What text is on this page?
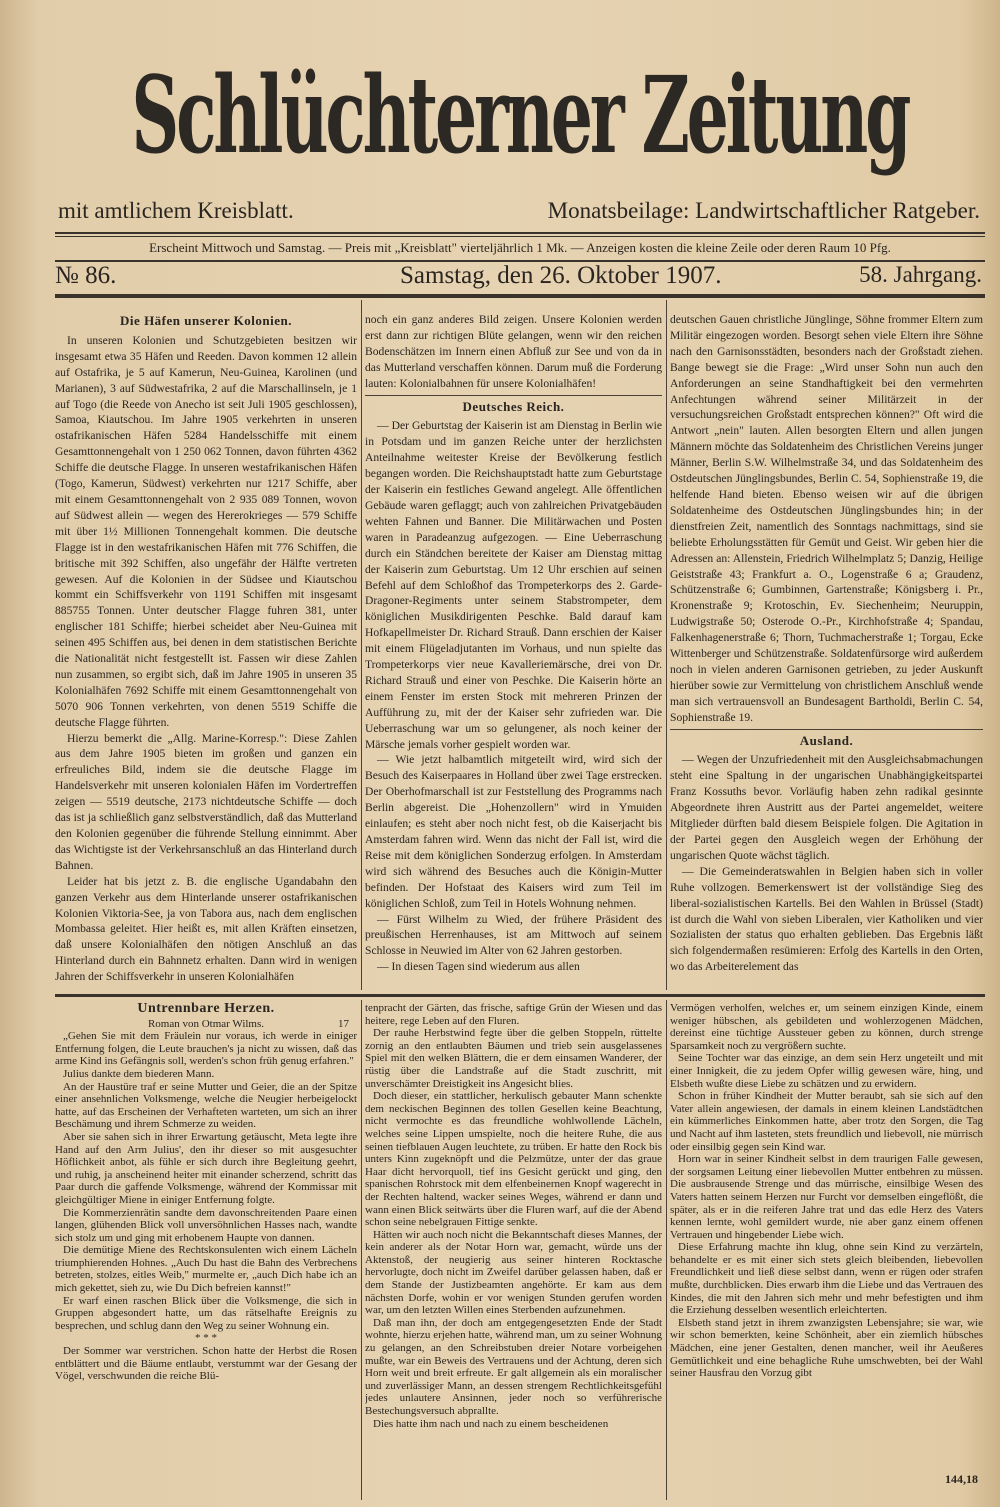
Schlüchterner Zeitung
mit amtlichem Kreisblatt.	Monatsbeilage: Landwirtschaftlicher Ratgeber.
Erscheint Mittwoch und Samstag. — Preis mit „Kreisblatt" vierteljährlich 1 Mk. — Anzeigen kosten die kleine Zeile oder deren Raum 10 Pfg.
№ 86.	Samstag, den 26. Oktober 1907.	58. Jahrgang.
Die Häfen unserer Kolonien.

In unseren Kolonien und Schutzgebieten besitzen wir insgesamt etwa 35 Häfen und Reeden. Davon kommen 12 allein auf Ostafrika, je 5 auf Kamerun, Neu-Guinea, Karolinen (und Marianen), 3 auf Südwestafrika, 2 auf die Marschallinseln, je 1 auf Togo (die Reede von Anecho ist seit Juli 1905 geschlossen), Samoa, Kiautschou. Im Jahre 1905 verkehrten in unseren ostafrikanischen Häfen 5284 Handelsschiffe mit einem Gesamttonnengehalt von 1 250 062 Tonnen, davon führten 4362 Schiffe die deutsche Flagge. In unseren westafrikanischen Häfen (Togo, Kamerun, Südwest) verkehrten nur 1217 Schiffe, aber mit einem Gesamttonnengehalt von 2 935 089 Tonnen, wovon auf Südwest allein — wegen des Hererokrieges — 579 Schiffe mit über 1½ Millionen Tonnengehalt kommen. Die deutsche Flagge ist in den westafrikanischen Häfen mit 776 Schiffen, die britische mit 392 Schiffen, also ungefähr der Hälfte vertreten gewesen. Auf die Kolonien in der Südsee und Kiautschou kommt ein Schiffsverkehr von 1191 Schiffen mit insgesamt 885755 Tonnen. Unter deutscher Flagge fuhren 381, unter englischer 181 Schiffe; hierbei scheidet aber Neu-Guinea mit seinen 495 Schiffen aus, bei denen in dem statistischen Berichte die Nationalität nicht festgestellt ist. Fassen wir diese Zahlen nun zusammen, so ergibt sich, daß im Jahre 1905 in unseren 35 Kolonialhäfen 7692 Schiffe mit einem Gesamttonnengehalt von 5070 906 Tonnen verkehrten, von denen 5519 Schiffe die deutsche Flagge führten.

Hierzu bemerkt die „Allg. Marine-Korresp.": Diese Zahlen aus dem Jahre 1905 bieten im großen und ganzen ein erfreuliches Bild, indem sie die deutsche Flagge im Handelsverkehr mit unseren kolonialen Häfen im Vordertreffen zeigen — 5519 deutsche, 2173 nichtdeutsche Schiffe — doch das ist ja schließlich ganz selbstverständlich, daß das Mutterland den Kolonien gegenüber die führende Stellung einnimmt. Aber das Wichtigste ist der Verkehrsanschluß an das Hinterland durch Bahnen.

Leider hat bis jetzt z. B. die englische Ugandabahn den ganzen Verkehr aus dem Hinterlande unserer ostafrikanischen Kolonien Viktoria-See, ja von Tabora aus, nach dem englischen Mombassa geleitet. Hier heißt es, mit allen Kräften einsetzen, daß unsere Kolonialhäfen den nötigen Anschluß an das Hinterland durch ein Bahnnetz erhalten. Dann wird in wenigen Jahren der Schiffsverkehr in unseren Kolonialhäfen

noch ein ganz anderes Bild zeigen. Unsere Kolonien werden erst dann zur richtigen Blüte gelangen, wenn wir den reichen Bodenschätzen im Innern einen Abfluß zur See und von da in das Mutterland verschaffen können. Darum muß die Forderung lauten: Kolonialbahnen für unsere Kolonialhäfen!

Deutsches Reich.

— Der Geburtstag der Kaiserin ist am Dienstag in Berlin wie in Potsdam und im ganzen Reiche unter der herzlichsten Anteilnahme weitester Kreise der Bevölkerung festlich begangen worden. Die Reichshauptstadt hatte zum Geburtstage der Kaiserin ein festliches Gewand angelegt. Alle öffentlichen Gebäude waren geflaggt; auch von zahlreichen Privatgebäuden wehten Fahnen und Banner. Die Militärwachen und Posten waren in Paradeanzug aufgezogen. — Eine Ueberraschung durch ein Ständchen bereitete der Kaiser am Dienstag mittag der Kaiserin zum Geburtstag. Um 12 Uhr erschien auf seinen Befehl auf dem Schloßhof das Trompeterkorps des 2. Garde-Dragoner-Regiments unter seinem Stabstrompeter, dem königlichen Musikdirigenten Peschke. Bald darauf kam Hofkapellmeister Dr. Richard Strauß. Dann erschien der Kaiser mit einem Flügeladjutanten im Vorhaus, und nun spielte das Trompeterkorps vier neue Kavalleriemärsche, drei von Dr. Richard Strauß und einer von Peschke. Die Kaiserin hörte an einem Fenster im ersten Stock mit mehreren Prinzen der Aufführung zu, mit der der Kaiser sehr zufrieden war. Die Ueberraschung war um so gelungener, als noch keiner der Märsche jemals vorher gespielt worden war.

— Wie jetzt halbamtlich mitgeteilt wird, wird sich der Besuch des Kaiserpaares in Holland über zwei Tage erstrecken. Der Oberhofmarschall ist zur Feststellung des Programms nach Berlin abgereist. Die „Hohenzollern" wird in Ymuiden einlaufen; es steht aber noch nicht fest, ob die Kaiserjacht bis Amsterdam fahren wird. Wenn das nicht der Fall ist, wird die Reise mit dem königlichen Sonderzug erfolgen. In Amsterdam wird sich während des Besuches auch die Königin-Mutter befinden. Der Hofstaat des Kaisers wird zum Teil im königlichen Schloß, zum Teil in Hotels Wohnung nehmen.

— Fürst Wilhelm zu Wied, der frühere Präsident des preußischen Herrenhauses, ist am Mittwoch auf seinem Schlosse in Neuwied im Alter von 62 Jahren gestorben.

— In diesen Tagen sind wiederum aus allen

deutschen Gauen christliche Jünglinge, Söhne frommer Eltern zum Militär eingezogen worden. Besorgt sehen viele Eltern ihre Söhne nach den Garnisonsstädten, besonders nach der Großstadt ziehen. Bange bewegt sie die Frage: „Wird unser Sohn nun auch den Anforderungen an seine Standhaftigkeit bei den vermehrten Anfechtungen während seiner Militärzeit in der versuchungsreichen Großstadt entsprechen können?" Oft wird die Antwort „nein" lauten. Allen besorgten Eltern und allen jungen Männern möchte das Soldatenheim des Christlichen Vereins junger Männer, Berlin S.W. Wilhelmstraße 34, und das Soldatenheim des Ostdeutschen Jünglingsbundes, Berlin C. 54, Sophienstraße 19, die helfende Hand bieten. Ebenso weisen wir auf die übrigen Soldatenheime des Ostdeutschen Jünglingsbundes hin; in der dienstfreien Zeit, namentlich des Sonntags nachmittags, sind sie beliebte Erholungsstätten für Gemüt und Geist. Wir geben hier die Adressen an: Allenstein, Friedrich Wilhelmplatz 5; Danzig, Heilige Geiststraße 43; Frankfurt a. O., Logenstraße 6 a; Graudenz, Schützenstraße 6; Gumbinnen, Gartenstraße; Königsberg i. Pr., Kronenstraße 9; Krotoschin, Ev. Siechenheim; Neuruppin, Ludwigstraße 50; Osterode O.-Pr., Kirchhofstraße 4; Spandau, Falkenhagenerstraße 6; Thorn, Tuchmacherstraße 1; Torgau, Ecke Wittenberger und Schützenstraße. Soldatenfürsorge wird außerdem noch in vielen anderen Garnisonen getrieben, zu jeder Auskunft hierüber sowie zur Vermittelung von christlichem Anschluß wende man sich vertrauensvoll an Bundesagent Bartholdi, Berlin C. 54, Sophienstraße 19.

Ausland.

— Wegen der Unzufriedenheit mit den Ausgleichsabmachungen steht eine Spaltung in der ungarischen Unabhängigkeitspartei Franz Kossuths bevor. Vorläufig haben zehn radikal gesinnte Abgeordnete ihren Austritt aus der Partei angemeldet, weitere Mitglieder dürften bald diesem Beispiele folgen. Die Agitation in der Partei gegen den Ausgleich wegen der Erhöhung der ungarischen Quote wächst täglich.

— Die Gemeinderatswahlen in Belgien haben sich in voller Ruhe vollzogen. Bemerkenswert ist der vollständige Sieg des liberal-sozialistischen Kartells. Bei den Wahlen in Brüssel (Stadt) ist durch die Wahl von sieben Liberalen, vier Katholiken und vier Sozialisten der status quo erhalten geblieben. Das Ergebnis läßt sich folgendermaßen resümieren: Erfolg des Kartells in den Orten, wo das Arbeiterelement das

Untrennbare Herzen.
Roman von Otmar Wilms.	17

„Gehen Sie mit dem Fräulein nur voraus, ich werde in einiger Entfernung folgen, die Leute brauchen's ja nicht zu wissen, daß das arme Kind ins Gefängnis soll, werden's schon früh genug erfahren."

Julius dankte dem biederen Mann.

An der Haustüre traf er seine Mutter und Geier, die an der Spitze einer ansehnlichen Volksmenge, welche die Neugier herbeigelockt hatte, auf das Erscheinen der Verhafteten warteten, um sich an ihrer Beschämung und ihrem Schmerze zu weiden.

Aber sie sahen sich in ihrer Erwartung getäuscht, Meta legte ihre Hand auf den Arm Julius', den ihr dieser so mit ausgesuchter Höflichkeit anbot, als fühle er sich durch ihre Begleitung geehrt, und ruhig, ja anscheinend heiter mit einander scherzend, schritt das Paar durch die gaffende Volksmenge, während der Kommissar mit gleichgültiger Miene in einiger Entfernung folgte.

Die Kommerzienrätin sandte dem davonschreitenden Paare einen langen, glühenden Blick voll unversöhnlichen Hasses nach, wandte sich stolz um und ging mit erhobenem Haupte von dannen.

Die demütige Miene des Rechtskonsulenten wich einem Lächeln triumphierenden Hohnes. „Auch Du hast die Bahn des Verbrechens betreten, stolzes, eitles Weib," murmelte er, „auch Dich habe ich an mich gekettet, sieh zu, wie Du Dich befreien kannst!"

Er warf einen raschen Blick über die Volksmenge, die sich in Gruppen abgesondert hatte, um das rätselhafte Ereignis zu besprechen, und schlug dann den Weg zu seiner Wohnung ein.

* * *

Der Sommer war verstrichen. Schon hatte der Herbst die Rosen entblättert und die Bäume entlaubt, verstummt war der Gesang der Vögel, verschwunden die reiche Blü-

tenpracht der Gärten, das frische, saftige Grün der Wiesen und das heitere, rege Leben auf den Fluren.

Der rauhe Herbstwind fegte über die gelben Stoppeln, rüttelte zornig an den entlaubten Bäumen und trieb sein ausgelassenes Spiel mit den welken Blättern, die er dem einsamen Wanderer, der rüstig über die Landstraße auf die Stadt zuschritt, mit unverschämter Dreistigkeit ins Angesicht blies.

Doch dieser, ein stattlicher, herkulisch gebauter Mann schenkte dem neckischen Beginnen des tollen Gesellen keine Beachtung, nicht vermochte es das freundliche wohlwollende Lächeln, welches seine Lippen umspielte, noch die heitere Ruhe, die aus seinen tiefblauen Augen leuchtete, zu trüben. Er hatte den Rock bis unters Kinn zugeknöpft und die Pelzmütze, unter der das graue Haar dicht hervorquoll, tief ins Gesicht gerückt und ging, den spanischen Rohrstock mit dem elfenbeinernen Knopf wagerecht in der Rechten haltend, wacker seines Weges, während er dann und wann einen Blick seitwärts über die Fluren warf, auf die der Abend schon seine nebelgrauen Fittige senkte.

Hätten wir auch noch nicht die Bekanntschaft dieses Mannes, der kein anderer als der Notar Horn war, gemacht, würde uns der Aktenstoß, der neugierig aus seiner hinteren Rocktasche hervorlugte, doch nicht im Zweifel darüber gelassen haben, daß er dem Stande der Justizbeamten angehörte. Er kam aus dem nächsten Dorfe, wohin er vor wenigen Stunden gerufen worden war, um den letzten Willen eines Sterbenden aufzunehmen.

Daß man ihn, der doch am entgegengesetzten Ende der Stadt wohnte, hierzu erjehen hatte, während man, um zu seiner Wohnung zu gelangen, an den Schreibstuben dreier Notare vorbeigehen mußte, war ein Beweis des Vertrauens und der Achtung, deren sich Horn weit und breit erfreute. Er galt allgemein als ein moralischer und zuverlässiger Mann, an dessen strengem Rechtlichkeitsgefühl jedes unlautere Ansinnen, jeder noch so verführerische Bestechungsversuch abprallte.

Dies hatte ihm nach und nach zu einem bescheidenen

Vermögen verholfen, welches er, um seinem einzigen Kinde, einem weniger hübschen, als gebildeten und wohlerzogenen Mädchen, dereinst eine tüchtige Aussteuer geben zu können, durch strenge Sparsamkeit noch zu vergrößern suchte.

Seine Tochter war das einzige, an dem sein Herz ungeteilt und mit einer Innigkeit, die zu jedem Opfer willig gewesen wäre, hing, und Elsbeth wußte diese Liebe zu schätzen und zu erwidern.

Schon in früher Kindheit der Mutter beraubt, sah sie sich auf den Vater allein angewiesen, der damals in einem kleinen Landstädtchen ein kümmerliches Einkommen hatte, aber trotz den Sorgen, die Tag und Nacht auf ihm lasteten, stets freundlich und liebevoll, nie mürrisch oder einsilbig gegen sein Kind war.

Horn war in seiner Kindheit selbst in dem traurigen Falle gewesen, der sorgsamen Leitung einer liebevollen Mutter entbehren zu müssen. Die ausbrausende Strenge und das mürrische, einsilbige Wesen des Vaters hatten seinem Herzen nur Furcht vor demselben eingeflößt, die später, als er in die reiferen Jahre trat und das edle Herz des Vaters kennen lernte, wohl gemildert wurde, nie aber ganz einem offenen Vertrauen und hingebender Liebe wich.

Diese Erfahrung machte ihn klug, ohne sein Kind zu verzärteln, behandelte er es mit einer sich stets gleich bleibenden, liebevollen Freundlichkeit und ließ diese selbst dann, wenn er rügen oder strafen mußte, durchblicken. Dies erwarb ihm die Liebe und das Vertrauen des Kindes, die mit den Jahren sich mehr und mehr befestigten und ihm die Erziehung desselben wesentlich erleichterten.

Elsbeth stand jetzt in ihrem zwanzigsten Lebensjahre; sie war, wie wir schon bemerkten, keine Schönheit, aber ein ziemlich hübsches Mädchen, eine jener Gestalten, denen mancher, weil ihr Aeußeres Gemütlichkeit und eine behagliche Ruhe umschwebten, bei der Wahl seiner Hausfrau den Vorzug gibt

144,18
